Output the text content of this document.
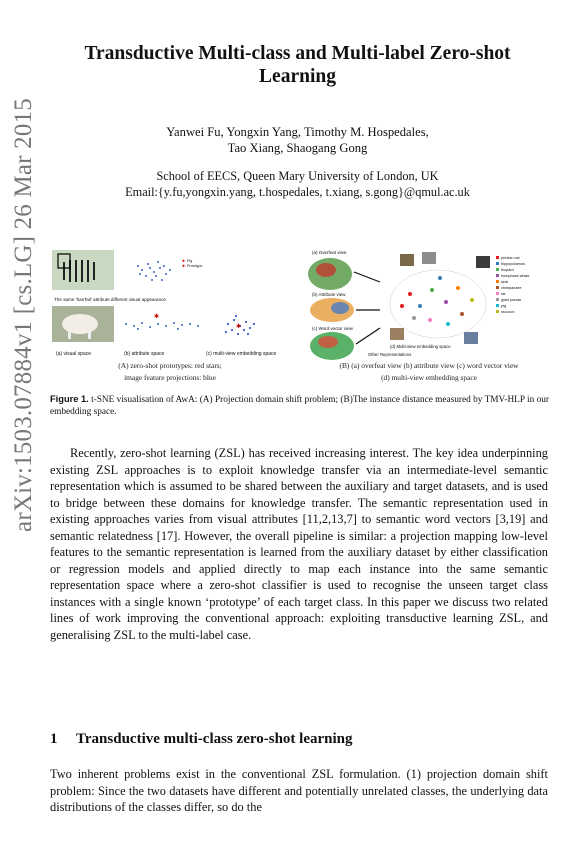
arXiv:1503.07884v1 [cs.LG] 26 Mar 2015
Transductive Multi-class and Multi-label Zero-shot Learning
Yanwei Fu, Yongxin Yang, Timothy M. Hospedales,
Tao Xiang, Shaogang Gong
School of EECS, Queen Mary University of London, UK
Email:{y.fu,yongxin.yang, t.hospedales, t.xiang, s.gong}@qmul.ac.uk
The same 'hasTail' attribute different visual appearance
(a) visual space
✱ Pig
✱ Prototype
✱
(b) attribute space
✱
(c) multi-view embedding space
(a) Overfeat view
(b) Attribute view
(c) Word vector view
(d) Multi-view embedding space
Other Representations
persian cat
hippopotamus
leopard
humpback whale
seal
chimpanzee
rat
giant panda
pig
raccoon
(A) zero-shot prototypes: red stars;
image feature projections: blue
(B) (a) overfeat view (b) attribute view (c) word vector view
(d) multi-view embedding space
Figure 1. t-SNE visualisation of AwA: (A) Projection domain shift problem; (B)The instance distance measured by TMV-HLP in our embedding space.
Recently, zero-shot learning (ZSL) has received increasing interest. The key idea underpinning existing ZSL approaches is to exploit knowledge transfer via an intermediate-level semantic representation which is assumed to be shared between the auxiliary and target datasets, and is used to bridge between these domains for knowledge transfer. The semantic representation used in existing approaches varies from visual attributes [11,2,13,7] to semantic word vectors [3,19] and semantic relatedness [17]. However, the overall pipeline is similar: a projection mapping low-level features to the semantic representation is learned from the auxiliary dataset by either classification or regression models and applied directly to map each instance into the same semantic representation space where a zero-shot classifier is used to recognise the unseen target class instances with a single known ‘prototype’ of each target class. In this paper we discuss two related lines of work improving the conventional approach: exploiting transductive learning ZSL, and generalising ZSL to the multi-label case.
1 Transductive multi-class zero-shot learning
Two inherent problems exist in the conventional ZSL formulation. (1) projection domain shift problem: Since the two datasets have different and potentially unrelated classes, the underlying data distributions of the classes differ, so do the
